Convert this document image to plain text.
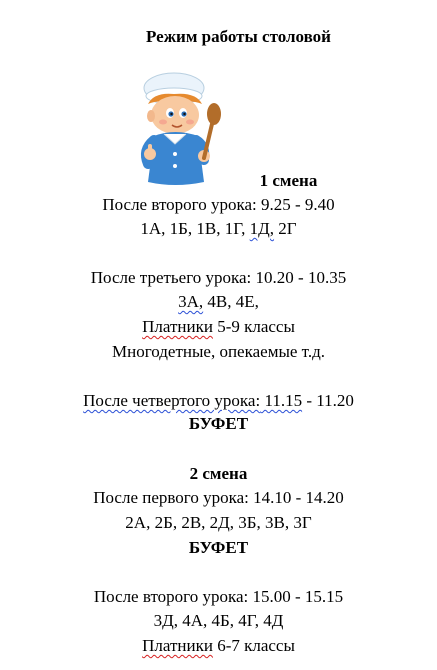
Режим работы столовой
1 смена
После второго урока: 9.25 - 9.40
1А, 1Б, 1В, 1Г, 1Д, 2Г
После третьего урока: 10.20 - 10.35
3А, 4В, 4Е,
Платники 5-9 классы
Многодетные, опекаемые т.д.
После четвертого урока: 11.15 - 11.20
БУФЕТ
2 смена
После первого урока: 14.10 - 14.20
2А, 2Б, 2В, 2Д, 3Б, 3В, 3Г
БУФЕТ
После второго урока: 15.00 - 15.15
3Д, 4А, 4Б, 4Г, 4Д
Платники 6-7 классы
